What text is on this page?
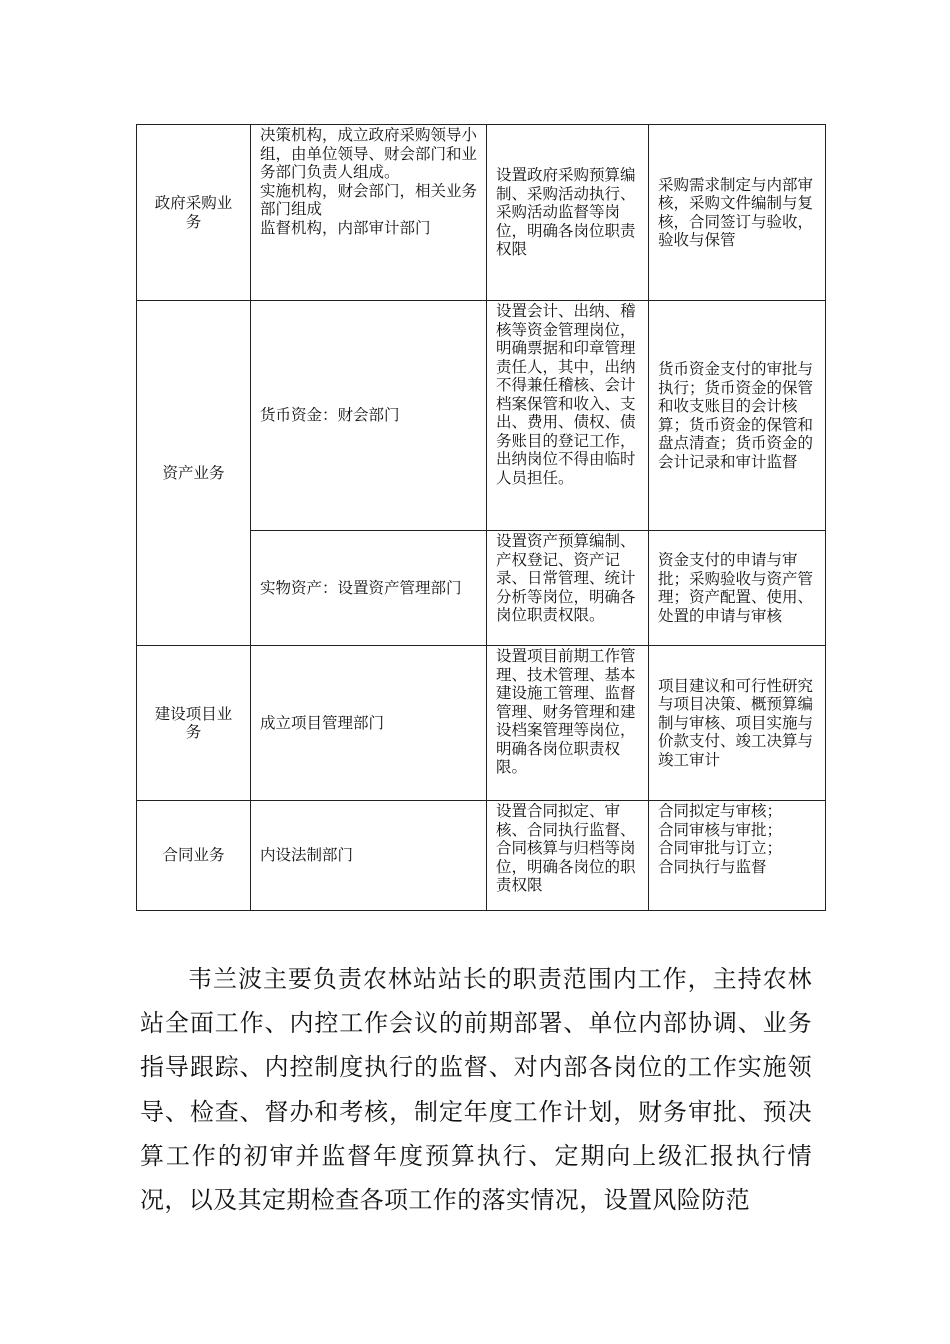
政府采购业务	决策机构，成立政府采购领导小组，由单位领导、财会部门和业务部门负责人组成。
实施机构，财会部门，相关业务部门组成
监督机构，内部审计部门	设置政府采购预算编制、采购活动执行、采购活动监督等岗位，明确各岗位职责权限	采购需求制定与内部审核，采购文件编制与复核，合同签订与验收，验收与保管
资产业务	货币资金：财会部门	设置会计、出纳、稽核等资金管理岗位，明确票据和印章管理责任人，其中，出纳不得兼任稽核、会计档案保管和收入、支出、费用、债权、债务账目的登记工作，出纳岗位不得由临时人员担任。	货币资金支付的审批与执行；货币资金的保管和收支账目的会计核算；货币资金的保管和盘点清查；货币资金的会计记录和审计监督
	实物资产：设置资产管理部门	设置资产预算编制、产权登记、资产记录、日常管理、统计分析等岗位，明确各岗位职责权限。	资金支付的申请与审批；采购验收与资产管理；资产配置、使用、处置的申请与审核
建设项目业务	成立项目管理部门	设置项目前期工作管理、技术管理、基本建设施工管理、监督管理、财务管理和建设档案管理等岗位，明确各岗位职责权限。	项目建议和可行性研究与项目决策、概预算编制与审核、项目实施与价款支付、竣工决算与竣工审计
合同业务	内设法制部门	设置合同拟定、审核、合同执行监督、合同核算与归档等岗位，明确各岗位的职责权限	合同拟定与审核；
合同审核与审批；
合同审批与订立；
合同执行与监督

韦兰波主要负责农林站站长的职责范围内工作，主持农林站全面工作、内控工作会议的前期部署、单位内部协调、业务指导跟踪、内控制度执行的监督、对内部各岗位的工作实施领导、检查、督办和考核，制定年度工作计划，财务审批、预决算工作的初审并监督年度预算执行、定期向上级汇报执行情况，以及其定期检查各项工作的落实情况，设置风险防范
